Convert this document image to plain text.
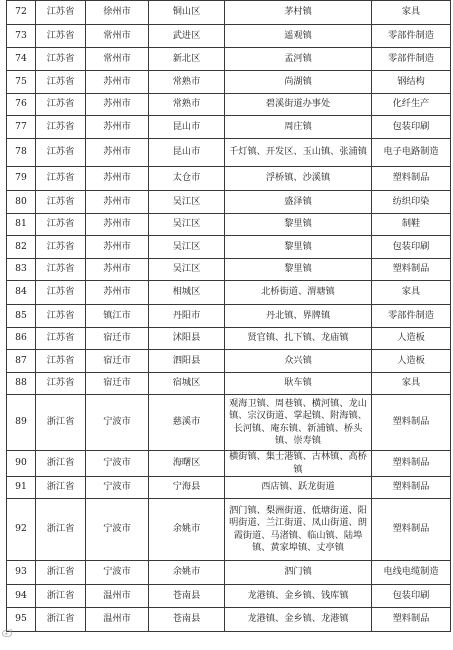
72	江苏省	徐州市	铜山区	茅村镇	家具
73	江苏省	常州市	武进区	遥观镇	零部件制造
74	江苏省	常州市	新北区	孟河镇	零部件制造
75	江苏省	苏州市	常熟市	尚湖镇	钢结构
76	江苏省	苏州市	常熟市	碧溪街道办事处	化纤生产
77	江苏省	苏州市	昆山市	周庄镇	包装印刷
78	江苏省	苏州市	昆山市	千灯镇、开发区、玉山镇、张浦镇	电子电路制造
79	江苏省	苏州市	太仓市	浮桥镇、沙溪镇	塑料制品
80	江苏省	苏州市	吴江区	盛泽镇	纺织印染
81	江苏省	苏州市	吴江区	黎里镇	制鞋
82	江苏省	苏州市	吴江区	黎里镇	包装印刷
83	江苏省	苏州市	吴江区	黎里镇	塑料制品
84	江苏省	苏州市	相城区	北桥街道、渭塘镇	家具
85	江苏省	镇江市	丹阳市	丹北镇、界牌镇	零部件制造
86	江苏省	宿迁市	沭阳县	贤官镇、扎下镇、龙庙镇	人造板
87	江苏省	宿迁市	泗阳县	众兴镇	人造板
88	江苏省	宿迁市	宿城区	耿车镇	家具
89	浙江省	宁波市	慈溪市	观海卫镇、周巷镇、横河镇、龙山镇、宗汉街道、掌起镇、附海镇、长河镇、庵东镇、新浦镇、桥头镇、崇寿镇	塑料制品
90	浙江省	宁波市	海曙区	横街镇、集士港镇、古林镇、高桥镇	塑料制品
91	浙江省	宁波市	宁海县	西店镇、跃龙街道	塑料制品
92	浙江省	宁波市	余姚市	泗门镇、梨洲街道、低塘街道、阳明街道、兰江街道、凤山街道、朗霞街道、马渚镇、临山镇、陆埠镇、黄家埠镇、丈亭镇	塑料制品
93	浙江省	宁波市	余姚市	泗门镇	电线电缆制造
94	浙江省	温州市	苍南县	龙港镇、金乡镇、钱库镇	包装印刷
95	浙江省	温州市	苍南县	龙港镇、金乡镇、龙港镇	塑料制品
